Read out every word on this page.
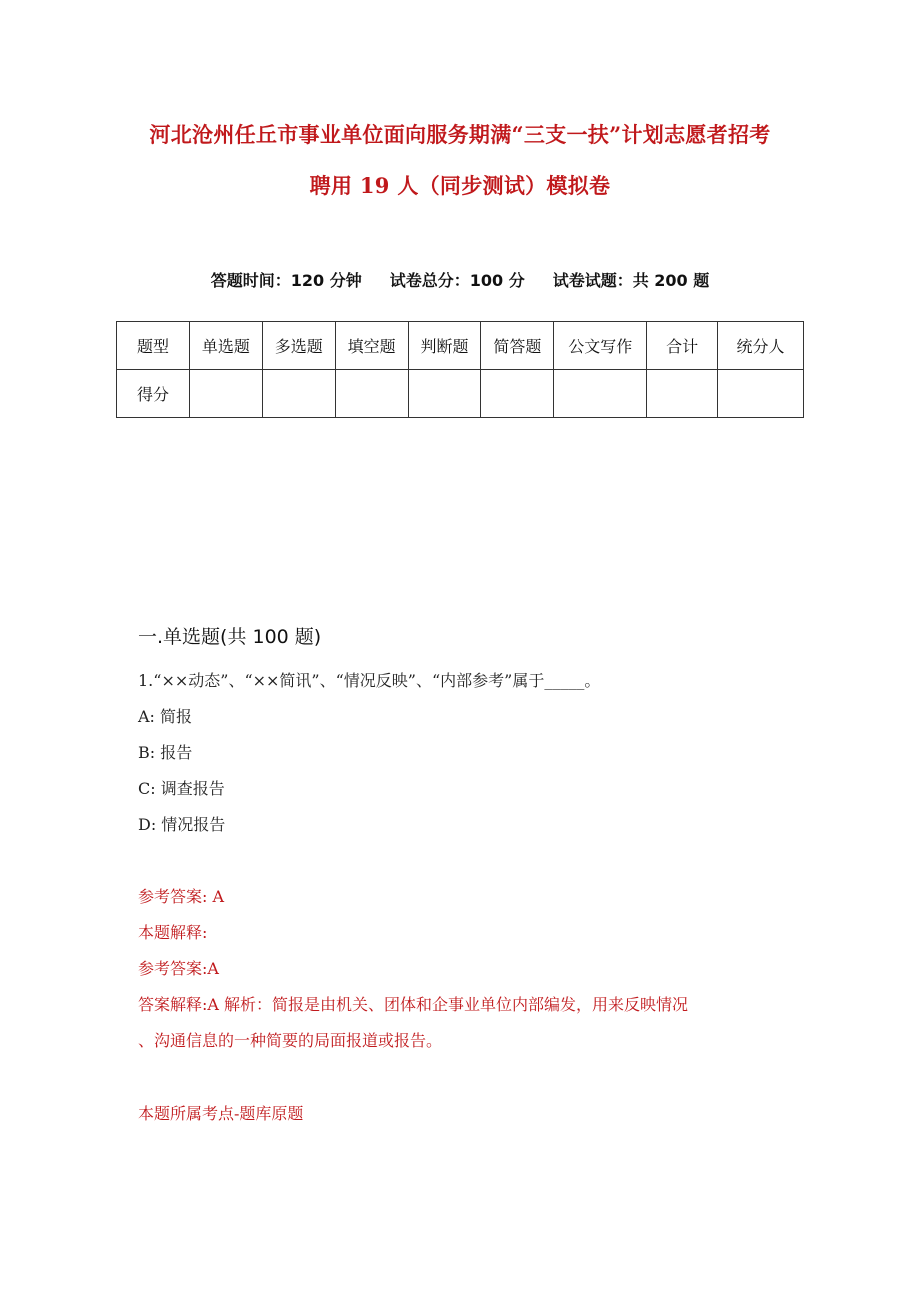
河北沧州任丘市事业单位面向服务期满“三支一扶”计划志愿者招考
聘用 19 人（同步测试）模拟卷
答题时间：120 分钟 试卷总分：100 分 试卷试题：共 200 题
题型	单选题	多选题	填空题	判断题	简答题	公文写作	合计	统分人
得分								
一.单选题(共 100 题)
1.“××动态”、“××简讯”、“情况反映”、“内部参考”属于_____。
A: 简报
B: 报告
C: 调查报告
D: 情况报告
参考答案: A
本题解释:
参考答案:A
答案解释:A 解析：简报是由机关、团体和企事业单位内部编发，用来反映情况
、沟通信息的一种简要的局面报道或报告。
本题所属考点-题库原题
